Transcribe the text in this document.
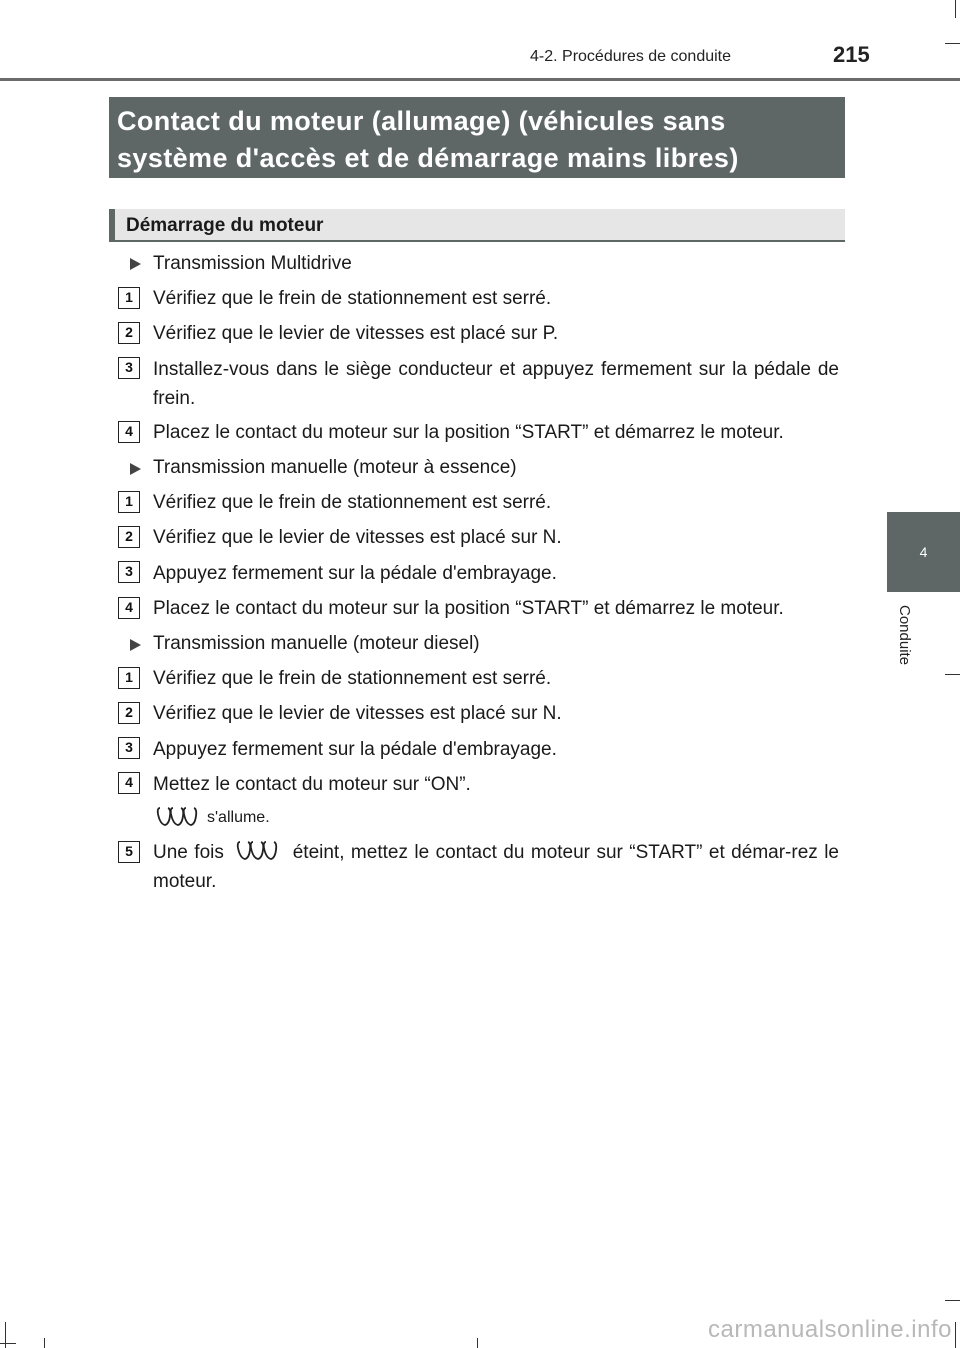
4-2. Procédures de conduite	215
4
Conduite
Contact du moteur (allumage) (véhicules sans
système d'accès et de démarrage mains libres)
Démarrage du moteur
Transmission Multidrive
1	Vérifiez que le frein de stationnement est serré.
2	Vérifiez que le levier de vitesses est placé sur P.
3	Installez-vous dans le siège conducteur et appuyez fermement sur la pédale de frein.
4	Placez le contact du moteur sur la position “START” et démarrez le moteur.
Transmission manuelle (moteur à essence)
1	Vérifiez que le frein de stationnement est serré.
2	Vérifiez que le levier de vitesses est placé sur N.
3	Appuyez fermement sur la pédale d'embrayage.
4	Placez le contact du moteur sur la position “START” et démarrez le moteur.
Transmission manuelle (moteur diesel)
1	Vérifiez que le frein de stationnement est serré.
2	Vérifiez que le levier de vitesses est placé sur N.
3	Appuyez fermement sur la pédale d'embrayage.
4	Mettez le contact du moteur sur “ON”.
s'allume.
5	Une fois	éteint, mettez le contact du moteur sur “START” et démar-rez le moteur.
carmanualsonline.info
